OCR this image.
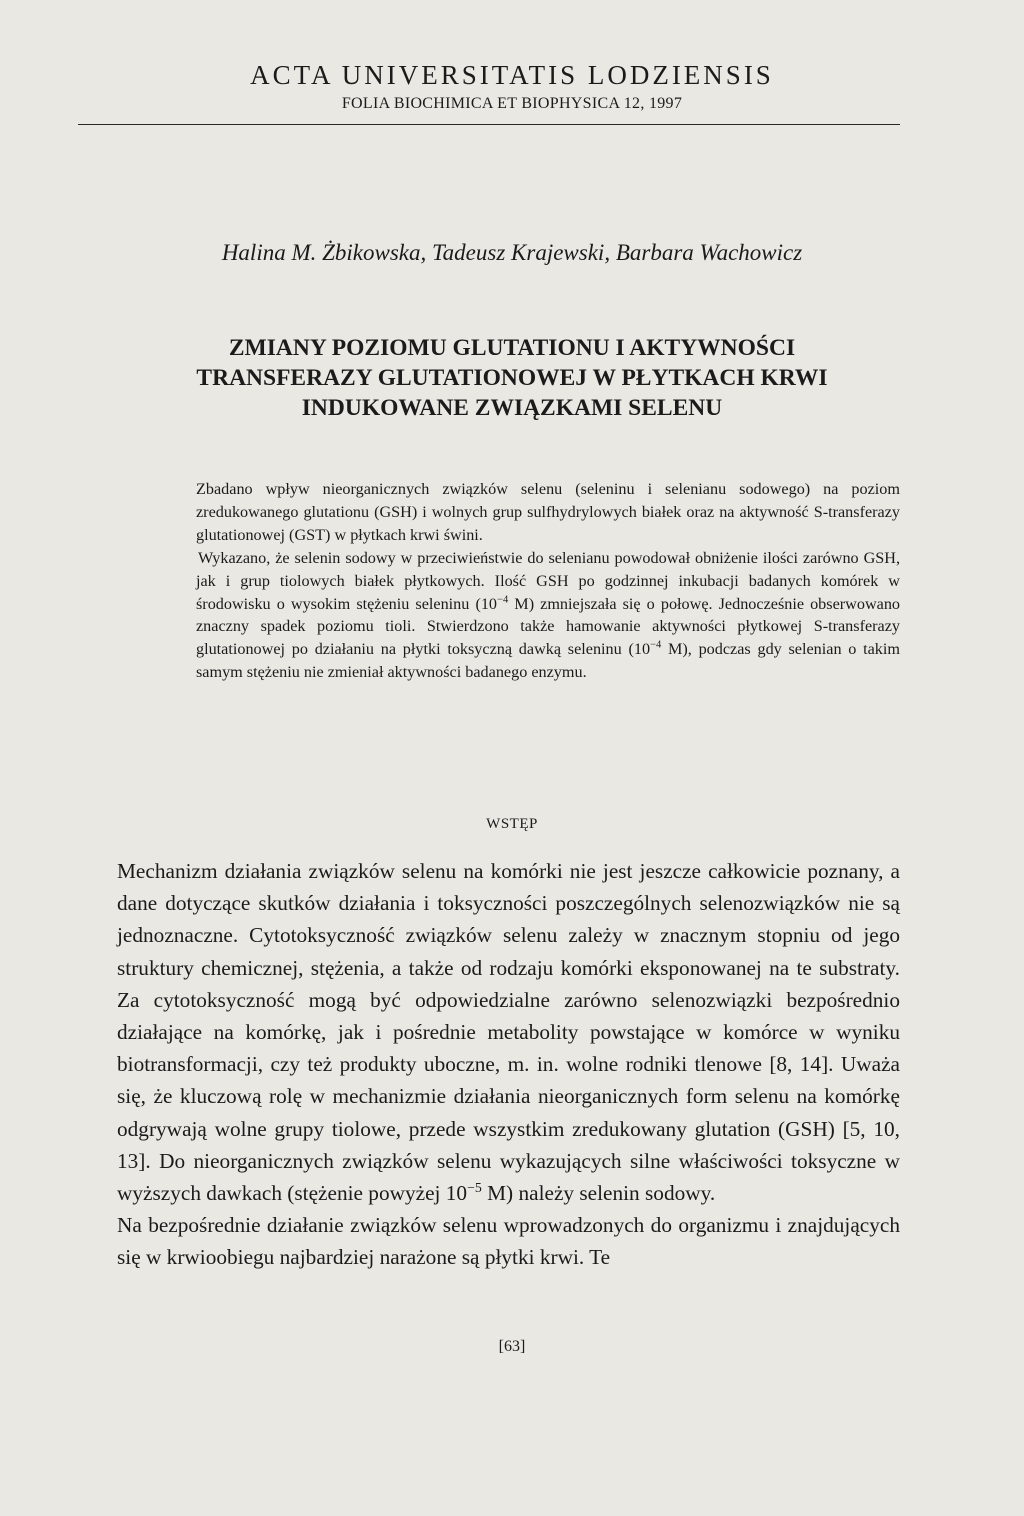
ACTA UNIVERSITATIS LODZIENSIS
FOLIA BIOCHIMICA ET BIOPHYSICA 12, 1997
Halina M. Żbikowska, Tadeusz Krajewski, Barbara Wachowicz
ZMIANY POZIOMU GLUTATIONU I AKTYWNOŚCI
TRANSFERAZY GLUTATIONOWEJ W PŁYTKACH KRWI
INDUKOWANE ZWIĄZKAMI SELENU

Zbadano wpływ nieorganicznych związków selenu (seleninu i selenianu sodowego) na poziom zredukowanego glutationu (GSH) i wolnych grup sulfhydrylowych białek oraz na aktywność S-transferazy glutationowej (GST) w płytkach krwi świni.

Wykazano, że selenin sodowy w przeciwieństwie do selenianu powodował obniżenie ilości zarówno GSH, jak i grup tiolowych białek płytkowych. Ilość GSH po godzinnej inkubacji badanych komórek w środowisku o wysokim stężeniu seleninu ($10^{-4}$ M) zmniejszała się o połowę. Jednocześnie obserwowano znaczny spadek poziomu tioli. Stwierdzono także hamowanie aktywności płytkowej S-transferazy glutationowej po działaniu na płytki toksyczną dawką seleninu ($10^{-4}$ M), podczas gdy selenian o takim samym stężeniu nie zmieniał aktywności badanego enzymu.

WSTĘP

Mechanizm działania związków selenu na komórki nie jest jeszcze całkowicie poznany, a dane dotyczące skutków działania i toksyczności poszczególnych selenozwiązków nie są jednoznaczne. Cytotoksyczność związków selenu zależy w znacznym stopniu od jego struktury chemicznej, stężenia, a także od rodzaju komórki eksponowanej na te substraty. Za cytotoksyczność mogą być odpowiedzialne zarówno selenozwiązki bezpośrednio działające na komórkę, jak i pośrednie metabolity powstające w komórce w wyniku biotransformacji, czy też produkty uboczne, m. in. wolne rodniki tlenowe [8, 14]. Uważa się, że kluczową rolę w mechanizmie działania nieorganicznych form selenu na komórkę odgrywają wolne grupy tiolowe, przede wszystkim zredukowany glutation (GSH) [5, 10, 13]. Do nieorganicznych związków selenu wykazujących silne właściwości toksyczne w wyższych dawkach (stężenie powyżej $10^{-5}$ M) należy selenin sodowy.

Na bezpośrednie działanie związków selenu wprowadzonych do organizmu i znajdujących się w krwioobiegu najbardziej narażone są płytki krwi. Te

[63]
